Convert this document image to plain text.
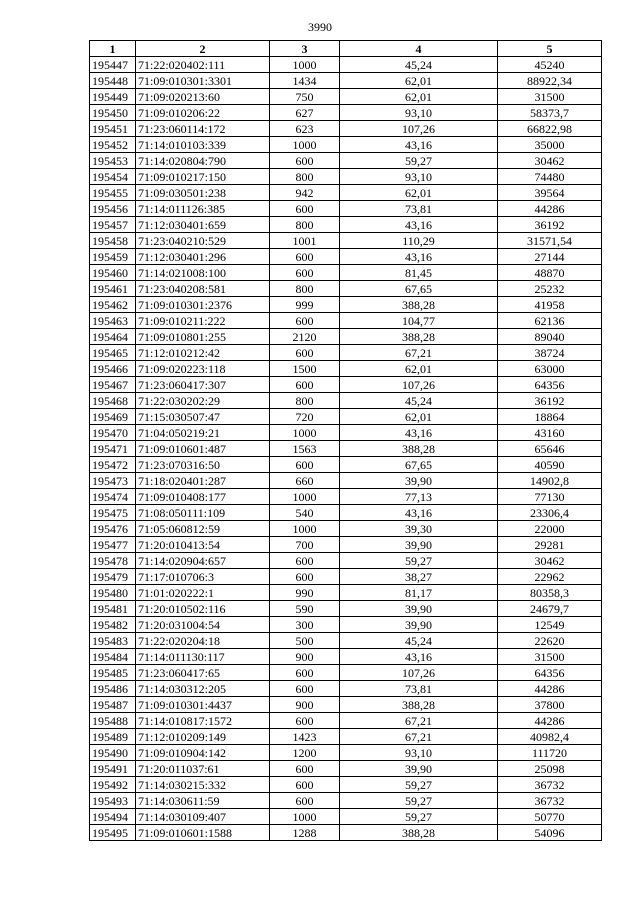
3990
1	2	3	4	5
195447	71:22:020402:111	1000	45,24	45240
195448	71:09:010301:3301	1434	62,01	88922,34
195449	71:09:020213:60	750	62,01	31500
195450	71:09:010206:22	627	93,10	58373,7
195451	71:23:060114:172	623	107,26	66822,98
195452	71:14:010103:339	1000	43,16	35000
195453	71:14:020804:790	600	59,27	30462
195454	71:09:010217:150	800	93,10	74480
195455	71:09:030501:238	942	62,01	39564
195456	71:14:011126:385	600	73,81	44286
195457	71:12:030401:659	800	43,16	36192
195458	71:23:040210:529	1001	110,29	31571,54
195459	71:12:030401:296	600	43,16	27144
195460	71:14:021008:100	600	81,45	48870
195461	71:23:040208:581	800	67,65	25232
195462	71:09:010301:2376	999	388,28	41958
195463	71:09:010211:222	600	104,77	62136
195464	71:09:010801:255	2120	388,28	89040
195465	71:12:010212:42	600	67,21	38724
195466	71:09:020223:118	1500	62,01	63000
195467	71:23:060417:307	600	107,26	64356
195468	71:22:030202:29	800	45,24	36192
195469	71:15:030507:47	720	62,01	18864
195470	71:04:050219:21	1000	43,16	43160
195471	71:09:010601:487	1563	388,28	65646
195472	71:23:070316:50	600	67,65	40590
195473	71:18:020401:287	660	39,90	14902,8
195474	71:09:010408:177	1000	77,13	77130
195475	71:08:050111:109	540	43,16	23306,4
195476	71:05:060812:59	1000	39,30	22000
195477	71:20:010413:54	700	39,90	29281
195478	71:14:020904:657	600	59,27	30462
195479	71:17:010706:3	600	38,27	22962
195480	71:01:020222:1	990	81,17	80358,3
195481	71:20:010502:116	590	39,90	24679,7
195482	71:20:031004:54	300	39,90	12549
195483	71:22:020204:18	500	45,24	22620
195484	71:14:011130:117	900	43,16	31500
195485	71:23:060417:65	600	107,26	64356
195486	71:14:030312:205	600	73,81	44286
195487	71:09:010301:4437	900	388,28	37800
195488	71:14:010817:1572	600	67,21	44286
195489	71:12:010209:149	1423	67,21	40982,4
195490	71:09:010904:142	1200	93,10	111720
195491	71:20:011037:61	600	39,90	25098
195492	71:14:030215:332	600	59,27	36732
195493	71:14:030611:59	600	59,27	36732
195494	71:14:030109:407	1000	59,27	50770
195495	71:09:010601:1588	1288	388,28	54096
